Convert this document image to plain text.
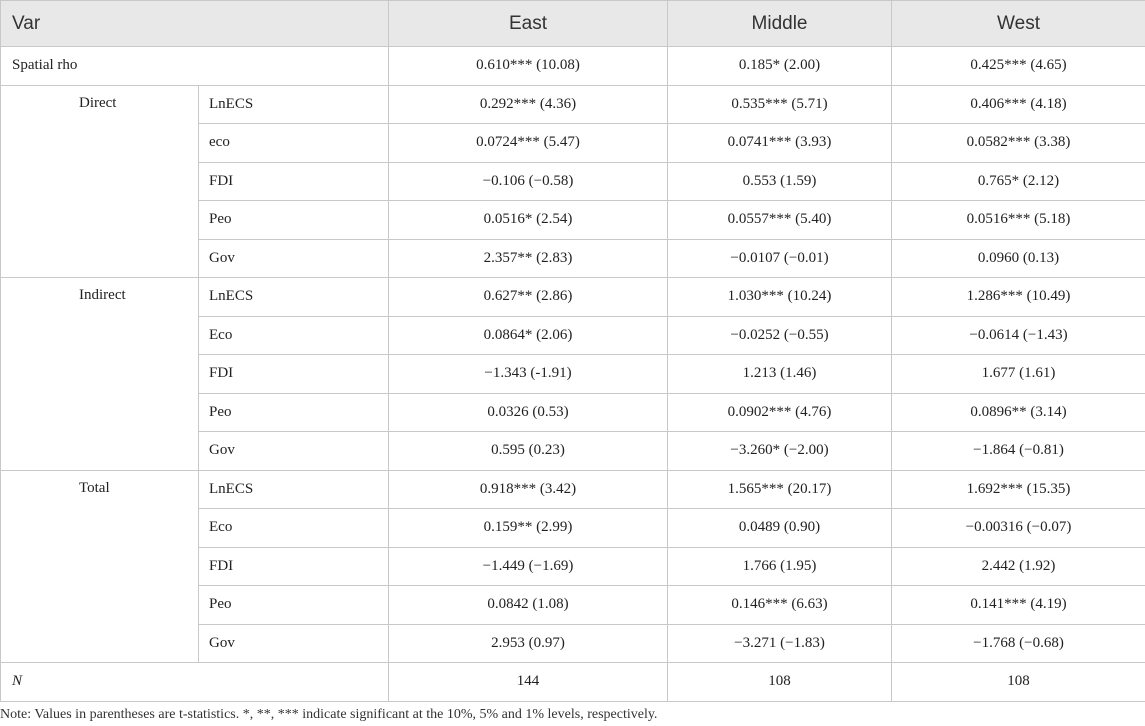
Var		East	Middle	West
Spatial rho		0.610*** (10.08)	0.185* (2.00)	0.425*** (4.65)
Direct	LnECS	0.292*** (4.36)	0.535*** (5.71)	0.406*** (4.18)
	eco	0.0724*** (5.47)	0.0741*** (3.93)	0.0582*** (3.38)
	FDI	−0.106 (−0.58)	0.553 (1.59)	0.765* (2.12)
	Peo	0.0516* (2.54)	0.0557*** (5.40)	0.0516*** (5.18)
	Gov	2.357** (2.83)	−0.0107 (−0.01)	0.0960 (0.13)
Indirect	LnECS	0.627** (2.86)	1.030*** (10.24)	1.286*** (10.49)
	Eco	0.0864* (2.06)	−0.0252 (−0.55)	−0.0614 (−1.43)
	FDI	−1.343 (-1.91)	1.213 (1.46)	1.677 (1.61)
	Peo	0.0326 (0.53)	0.0902*** (4.76)	0.0896** (3.14)
	Gov	0.595 (0.23)	−3.260* (−2.00)	−1.864 (−0.81)
Total	LnECS	0.918*** (3.42)	1.565*** (20.17)	1.692*** (15.35)
	Eco	0.159** (2.99)	0.0489 (0.90)	−0.00316 (−0.07)
	FDI	−1.449 (−1.69)	1.766 (1.95)	2.442 (1.92)
	Peo	0.0842 (1.08)	0.146*** (6.63)	0.141*** (4.19)
	Gov	2.953 (0.97)	−3.271 (−1.83)	−1.768 (−0.68)
N		144	108	108
Note: Values in parentheses are t-statistics. *, **, *** indicate significant at the 10%, 5% and 1% levels, respectively.
